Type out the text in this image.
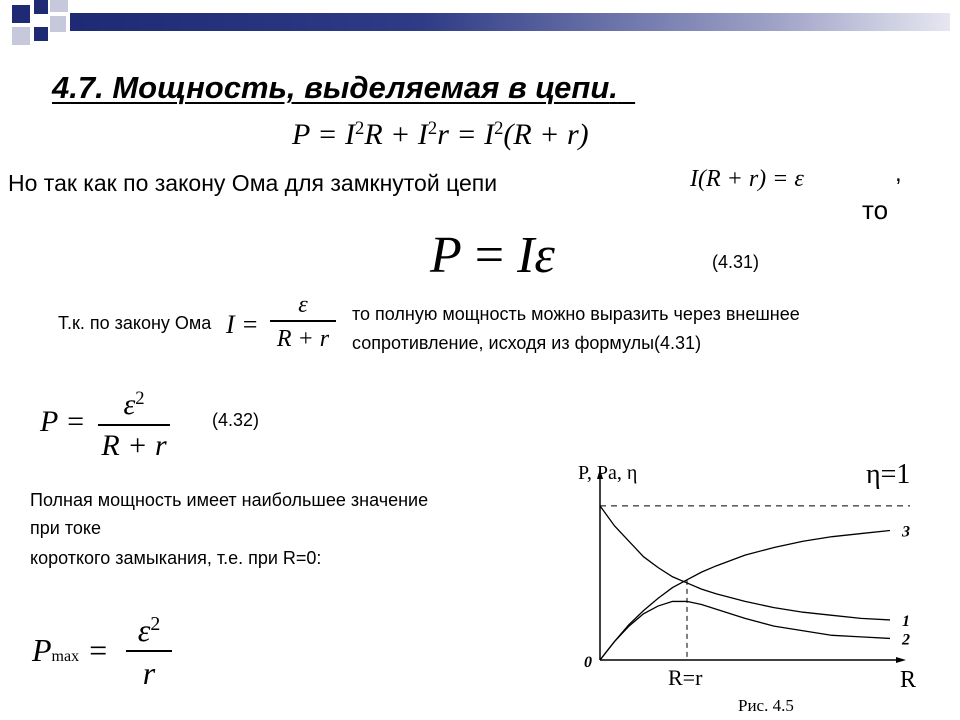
4.7. Мощность, выделяемая в цепи.
$P = I^2R + I^2r = I^2(R + r)$
Но так как по закону Ома для замкнутой цепи	I(R + r) = ε	,
то
P = Iε	(4.31)
Т.к. по закону Ома I =
ε
R + r
то полную мощность можно выразить через внешнее
сопротивление, исходя из формулы(4.31)
P =
$\varepsilon^2$
R + r
(4.32)
Полная мощность имеет наибольшее значение
при токе
короткого замыкания, т.е. при R=0:
Pmax =
$\varepsilon^2$
r
1
2
3
P, Pa, η	η=1
0
R=r	R
Рис. 4.5
